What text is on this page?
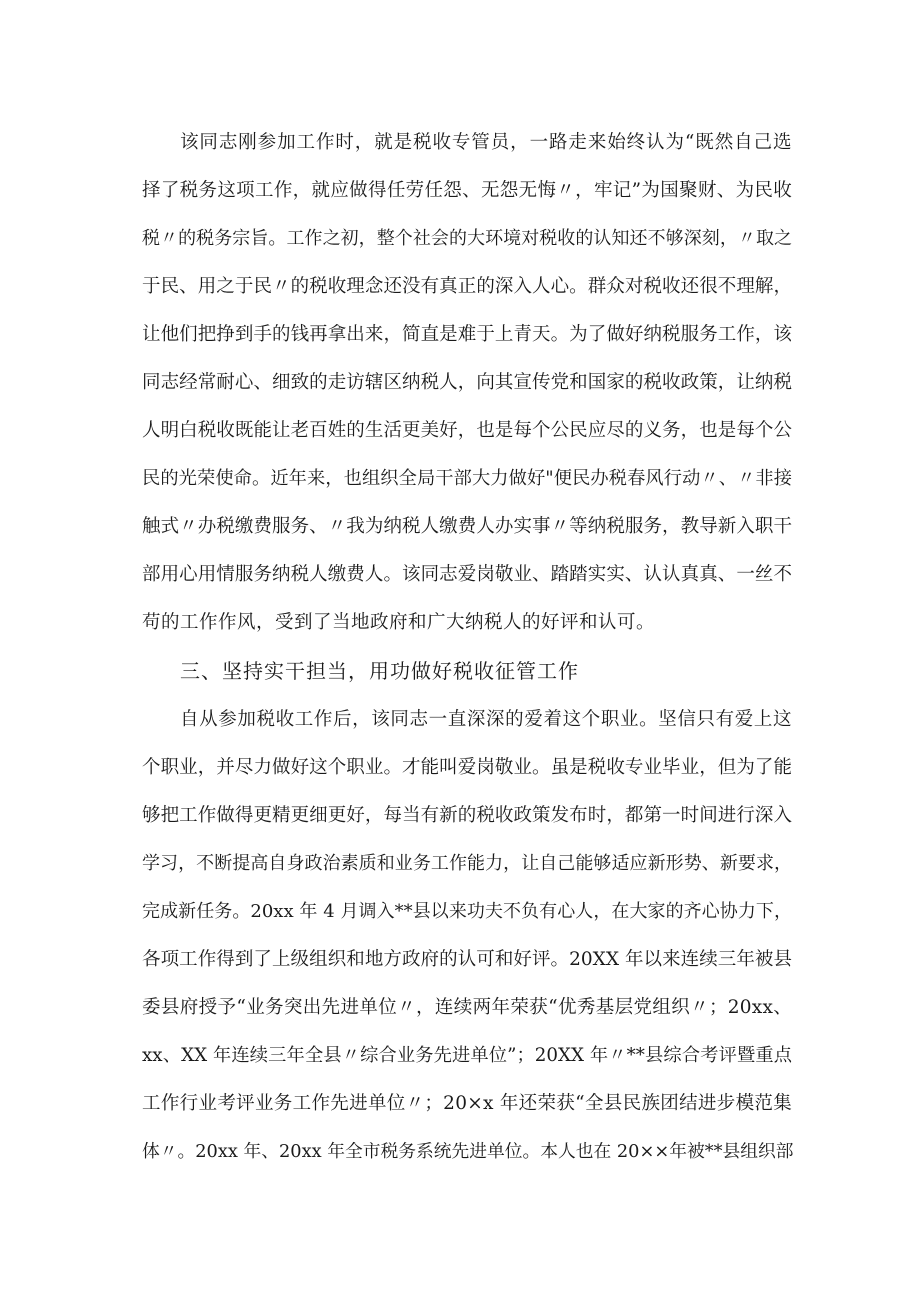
该同志刚参加工作时，就是税收专管员，一路走来始终认为“既然自己选
择了税务这项工作，就应做得任劳任怨、无怨无悔〃，牢记”为国聚财、为民收
税〃的税务宗旨。工作之初，整个社会的大环境对税收的认知还不够深刻，〃取之
于民、用之于民〃的税收理念还没有真正的深入人心。群众对税收还很不理解，
让他们把挣到手的钱再拿出来，简直是难于上青天。为了做好纳税服务工作，该
同志经常耐心、细致的走访辖区纳税人，向其宣传党和国家的税收政策，让纳税
人明白税收既能让老百姓的生活更美好，也是每个公民应尽的义务，也是每个公
民的光荣使命。近年来，也组织全局干部大力做好"便民办税春风行动〃、〃非接
触式〃办税缴费服务、〃我为纳税人缴费人办实事〃等纳税服务，教导新入职干
部用心用情服务纳税人缴费人。该同志爱岗敬业、踏踏实实、认认真真、一丝不
苟的工作作风，受到了当地政府和广大纳税人的好评和认可。
三、坚持实干担当，用功做好税收征管工作
自从参加税收工作后，该同志一直深深的爱着这个职业。坚信只有爱上这
个职业，并尽力做好这个职业。才能叫爱岗敬业。虽是税收专业毕业，但为了能
够把工作做得更精更细更好，每当有新的税收政策发布时，都第一时间进行深入
学习，不断提高自身政治素质和业务工作能力，让自己能够适应新形势、新要求，
完成新任务。20xx 年 4 月调入**县以来功夫不负有心人，在大家的齐心协力下，
各项工作得到了上级组织和地方政府的认可和好评。20XX 年以来连续三年被县
委县府授予“业务突出先进单位〃，连续两年荣获“优秀基层党组织〃；20xx、
xx、XX 年连续三年全县〃综合业务先进单位”；20XX 年〃**县综合考评暨重点
工作行业考评业务工作先进单位〃；20×x 年还荣获“全县民族团结进步模范集
体〃。20xx 年、20xx 年全市税务系统先进单位。本人也在 20××年被**县组织部
